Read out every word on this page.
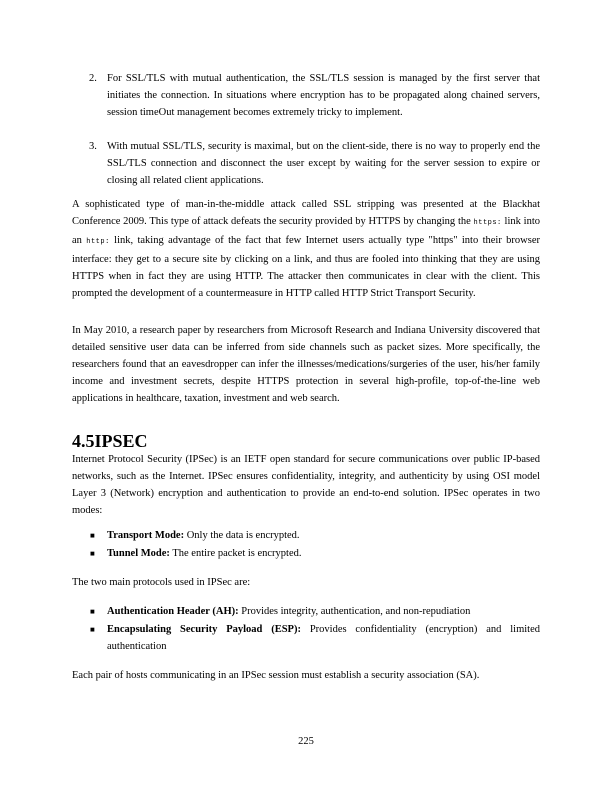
2. For SSL/TLS with mutual authentication, the SSL/TLS session is managed by the first server that initiates the connection. In situations where encryption has to be propagated along chained servers, session timeOut management becomes extremely tricky to implement.
3. With mutual SSL/TLS, security is maximal, but on the client-side, there is no way to properly end the SSL/TLS connection and disconnect the user except by waiting for the server session to expire or closing all related client applications.

A sophisticated type of man-in-the-middle attack called SSL stripping was presented at the Blackhat Conference 2009. This type of attack defeats the security provided by HTTPS by changing the https: link into an http: link, taking advantage of the fact that few Internet users actually type "https" into their browser interface: they get to a secure site by clicking on a link, and thus are fooled into thinking that they are using HTTPS when in fact they are using HTTP. The attacker then communicates in clear with the client. This prompted the development of a countermeasure in HTTP called HTTP Strict Transport Security.

In May 2010, a research paper by researchers from Microsoft Research and Indiana University discovered that detailed sensitive user data can be inferred from side channels such as packet sizes. More specifically, the researchers found that an eavesdropper can infer the illnesses/medications/surgeries of the user, his/her family income and investment secrets, despite HTTPS protection in several high-profile, top-of-the-line web applications in healthcare, taxation, investment and web search.

4.5IPSEC

Internet Protocol Security (IPSec) is an IETF open standard for secure communications over public IP-based networks, such as the Internet. IPSec ensures confidentiality, integrity, and authenticity by using OSI model Layer 3 (Network) encryption and authentication to provide an end-to-end solution. IPSec operates in two modes:

■ Transport Mode: Only the data is encrypted.
■ Tunnel Mode: The entire packet is encrypted.

The two main protocols used in IPSec are:

■ Authentication Header (AH): Provides integrity, authentication, and non-repudiation
■ Encapsulating Security Payload (ESP): Provides confidentiality (encryption) and limited authentication

Each pair of hosts communicating in an IPSec session must establish a security association (SA).

225
